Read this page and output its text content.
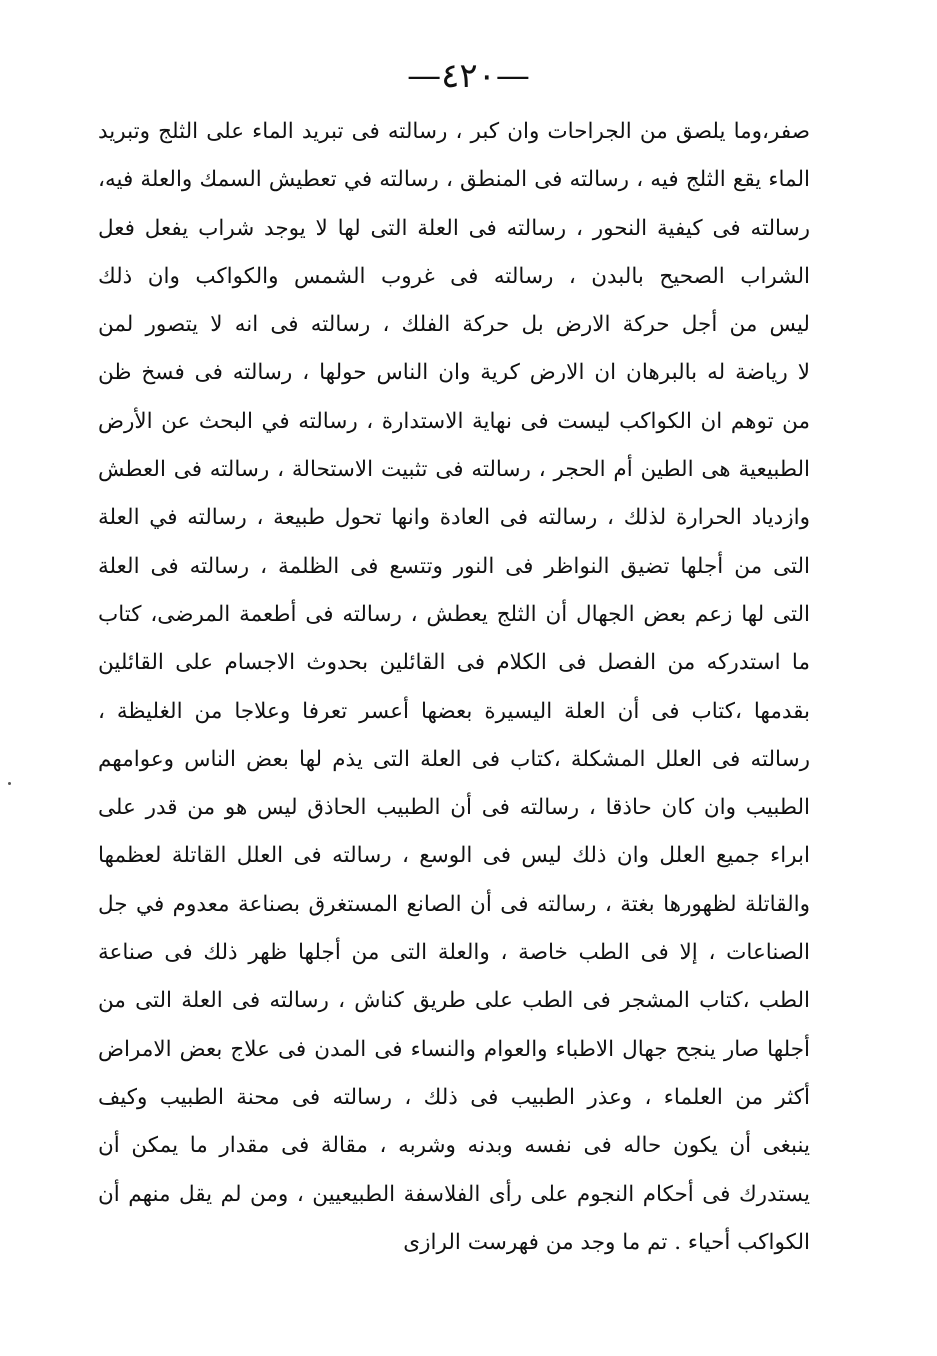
—٤٢٠—
صفر،وما يلصق من الجراحات وان كبر ، رسالته فى تبريد الماء على الثلج وتبريد
الماء يقع الثلج فيه ، رسالته فى المنطق ، رسالته في تعطيش السمك والعلة فيه،
رسالته فى كيفية النحور ، رسالته فى العلة التى لها لا يوجد شراب يفعل فعل
الشراب الصحيح بالبدن ، رسالته فى غروب الشمس والكواكب وان ذلك
ليس من أجل حركة الارض بل حركة الفلك ، رسالته فى انه لا يتصور لمن
لا رياضة له بالبرهان ان الارض كرية وان الناس حولها ، رسالته فى فسخ ظن
من توهم ان الكواكب ليست فى نهاية الاستدارة ، رسالته في البحث عن الأرض
الطبيعية هى الطين أم الحجر ، رسالته فى تثبيت الاستحالة ، رسالته فى العطش
وازدياد الحرارة لذلك ، رسالته فى العادة وانها تحول طبيعة ، رسالته في العلة
التى من أجلها تضيق النواظر فى النور وتتسع فى الظلمة ، رسالته فى العلة
التى لها زعم بعض الجهال أن الثلج يعطش ، رسالته فى أطعمة المرضى، كتاب
ما استدركه من الفصل فى الكلام فى القائلين بحدوث الاجسام على القائلين
بقدمها ،كتاب فى أن العلة اليسيرة بعضها أعسر تعرفا وعلاجا من الغليظة ،
رسالته فى العلل المشكلة ،كتاب فى العلة التى يذم لها بعض الناس وعوامهم
الطبيب وان كان حاذقا ، رسالته فى أن الطبيب الحاذق ليس هو من قدر على
ابراء جميع العلل وان ذلك ليس فى الوسع ، رسالته فى العلل القاتلة لعظمها
والقاتلة لظهورها بغتة ، رسالته فى أن الصانع المستغرق بصناعة معدوم في جل
الصناعات ، إلا فى الطب خاصة ، والعلة التى من أجلها ظهر ذلك فى صناعة
الطب ،كتاب المشجر فى الطب على طريق كناش ، رسالته فى العلة التى من
أجلها صار ينجح جهال الاطباء والعوام والنساء فى المدن فى علاج بعض الامراض
أكثر من العلماء ، وعذر الطبيب فى ذلك ، رسالته فى محنة الطبيب وكيف
ينبغى أن يكون حاله فى نفسه وبدنه وشربه ، مقالة فى مقدار ما يمكن أن
يستدرك فى أحكام النجوم على رأى الفلاسفة الطبيعيين ، ومن لم يقل منهم أن
الكواكب أحياء . تم ما وجد من فهرست الرازى
